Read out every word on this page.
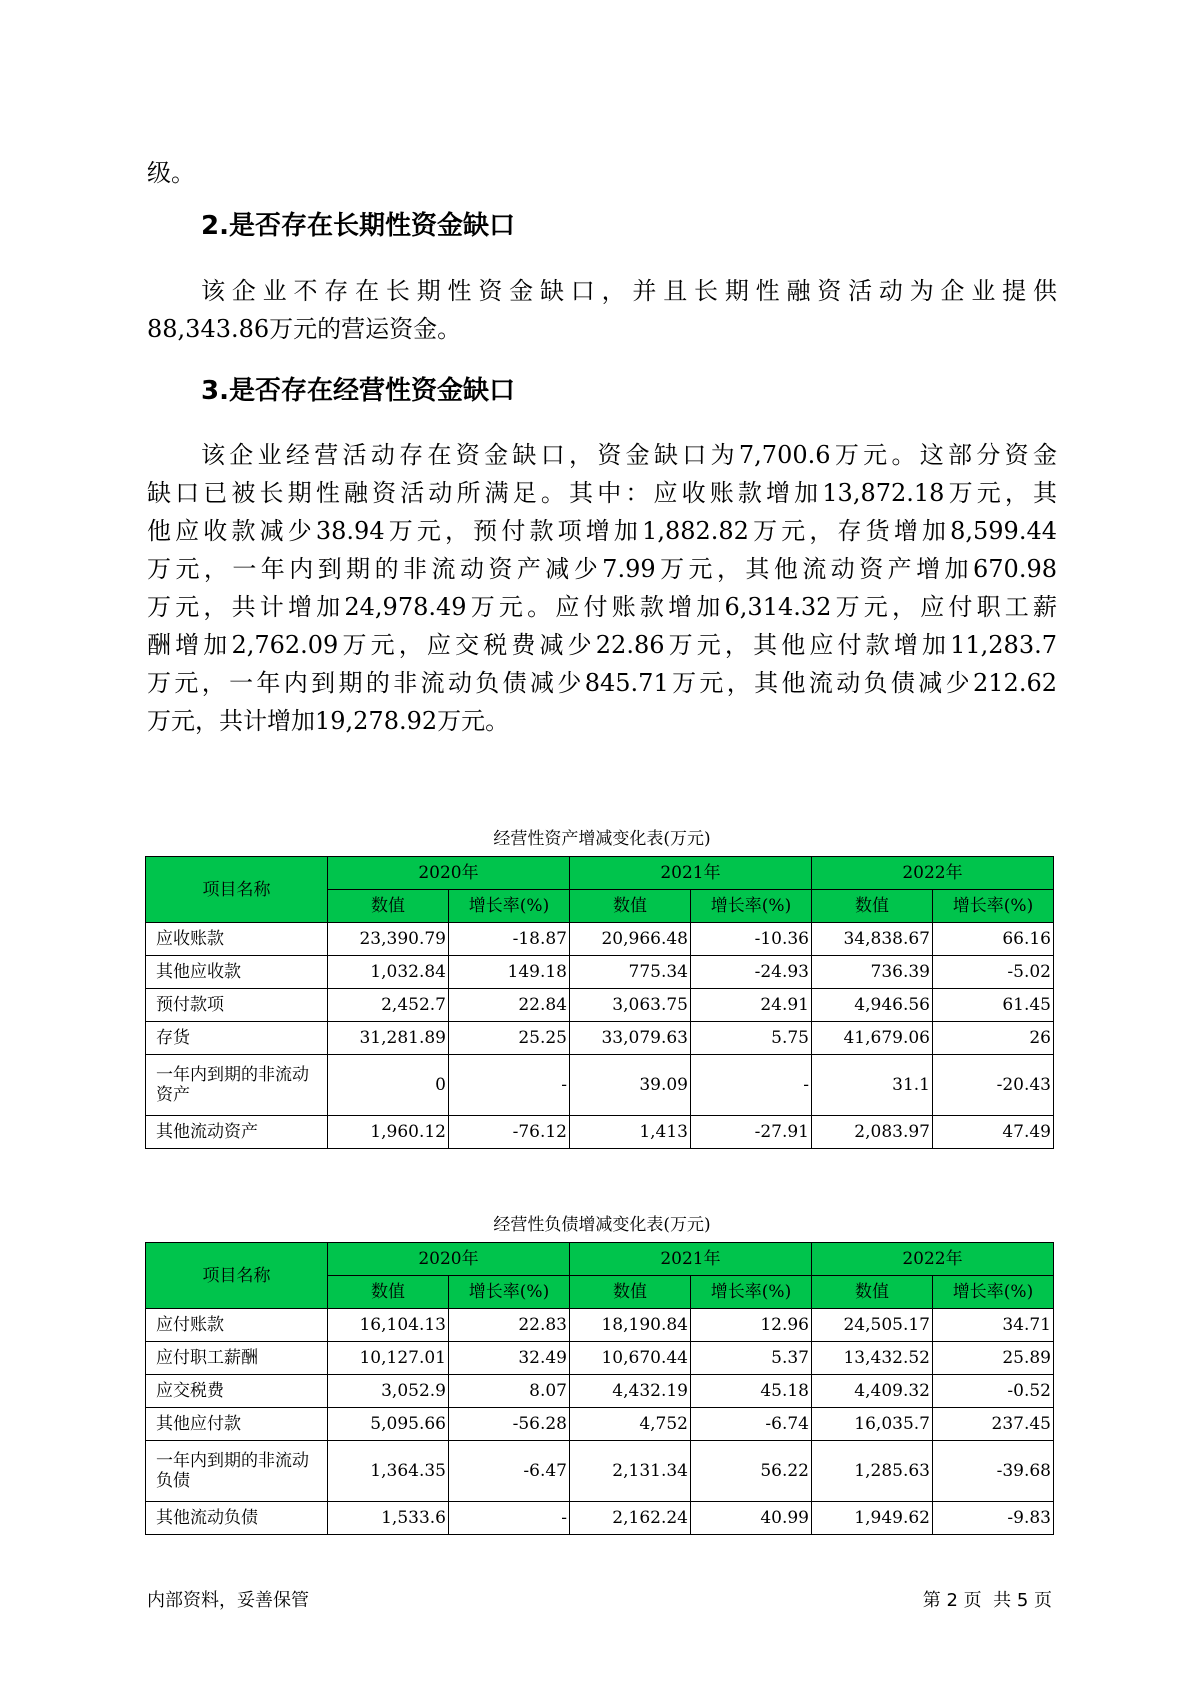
级。
2.是否存在长期性资金缺口
该企业不存在长期性资金缺口，并且长期性融资活动为企业提供
88,343.86万元的营运资金。
3.是否存在经营性资金缺口
该企业经营活动存在资金缺口，资金缺口为7,700.6万元。这部分资金
缺口已被长期性融资活动所满足。其中：应收账款增加13,872.18万元，其
他应收款减少38.94万元，预付款项增加1,882.82万元，存货增加8,599.44
万元，一年内到期的非流动资产减少7.99万元，其他流动资产增加670.98
万元，共计增加24,978.49万元。应付账款增加6,314.32万元，应付职工薪
酬增加2,762.09万元，应交税费减少22.86万元，其他应付款增加11,283.7
万元，一年内到期的非流动负债减少845.71万元，其他流动负债减少212.62
万元，共计增加19,278.92万元。
经营性资产增减变化表(万元)
项目名称	2020年		2021年		2022年	
	数值	增长率(%)	数值	增长率(%)	数值	增长率(%)
应收账款	23,390.79	-18.87	20,966.48	-10.36	34,838.67	66.16
其他应收款	1,032.84	149.18	775.34	-24.93	736.39	-5.02
预付款项	2,452.7	22.84	3,063.75	24.91	4,946.56	61.45
存货	31,281.89	25.25	33,079.63	5.75	41,679.06	26
一年内到期的非流动资产	0	-	39.09	-	31.1	-20.43
其他流动资产	1,960.12	-76.12	1,413	-27.91	2,083.97	47.49
经营性负债增减变化表(万元)
项目名称	2020年		2021年		2022年	
	数值	增长率(%)	数值	增长率(%)	数值	增长率(%)
应付账款	16,104.13	22.83	18,190.84	12.96	24,505.17	34.71
应付职工薪酬	10,127.01	32.49	10,670.44	5.37	13,432.52	25.89
应交税费	3,052.9	8.07	4,432.19	45.18	4,409.32	-0.52
其他应付款	5,095.66	-56.28	4,752	-6.74	16,035.7	237.45
一年内到期的非流动负债	1,364.35	-6.47	2,131.34	56.22	1,285.63	-39.68
其他流动负债	1,533.6	-	2,162.24	40.99	1,949.62	-9.83
内部资料，妥善保管	第 2 页  共 5 页
